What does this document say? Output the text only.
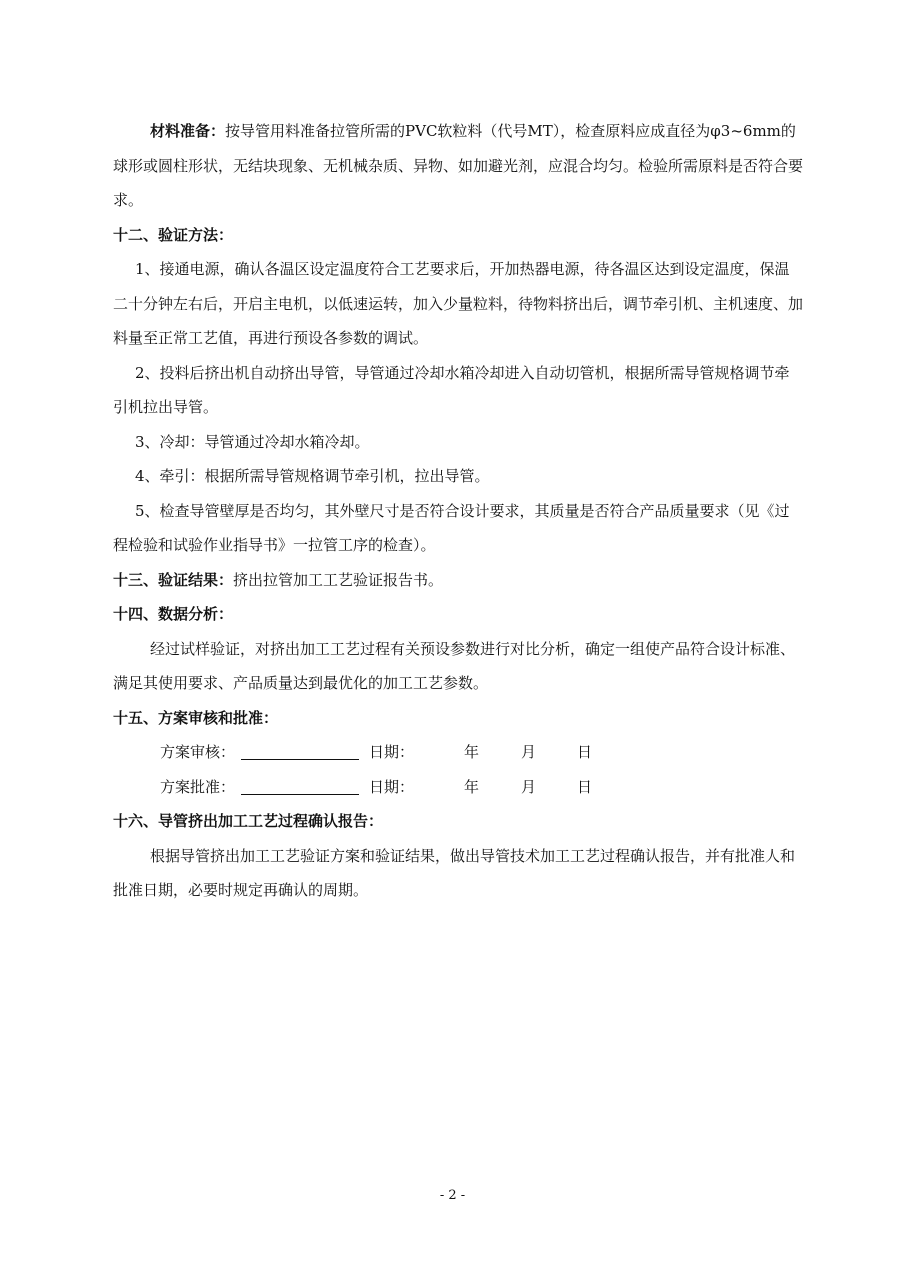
材料准备：按导管用料准备拉管所需的PVC软粒料（代号MT），检查原料应成直径为φ3~6mm的球形或圆柱形状，无结块现象、无机械杂质、异物、如加避光剂，应混合均匀。检验所需原料是否符合要求。

十二、验证方法：

1、接通电源，确认各温区设定温度符合工艺要求后，开加热器电源，待各温区达到设定温度，保温二十分钟左右后，开启主电机，以低速运转，加入少量粒料，待物料挤出后，调节牵引机、主机速度、加料量至正常工艺值，再进行预设各参数的调试。

2、投料后挤出机自动挤出导管，导管通过冷却水箱冷却进入自动切管机，根据所需导管规格调节牵引机拉出导管。

3、冷却：导管通过冷却水箱冷却。

4、牵引：根据所需导管规格调节牵引机，拉出导管。

5、检查导管壁厚是否均匀，其外壁尺寸是否符合设计要求，其质量是否符合产品质量要求（见《过程检验和试验作业指导书》一拉管工序的检查）。

十三、验证结果：挤出拉管加工工艺验证报告书。

十四、数据分析：

经过试样验证，对挤出加工工艺过程有关预设参数进行对比分析，确定一组使产品符合设计标准、满足其使用要求、产品质量达到最优化的加工工艺参数。

十五、方案审核和批准：

方案审核：	日期：	年	月	日
方案批准：	日期：	年	月	日

十六、导管挤出加工工艺过程确认报告：

根据导管挤出加工工艺验证方案和验证结果，做出导管技术加工工艺过程确认报告，并有批准人和批准日期，必要时规定再确认的周期。

- 2 -
